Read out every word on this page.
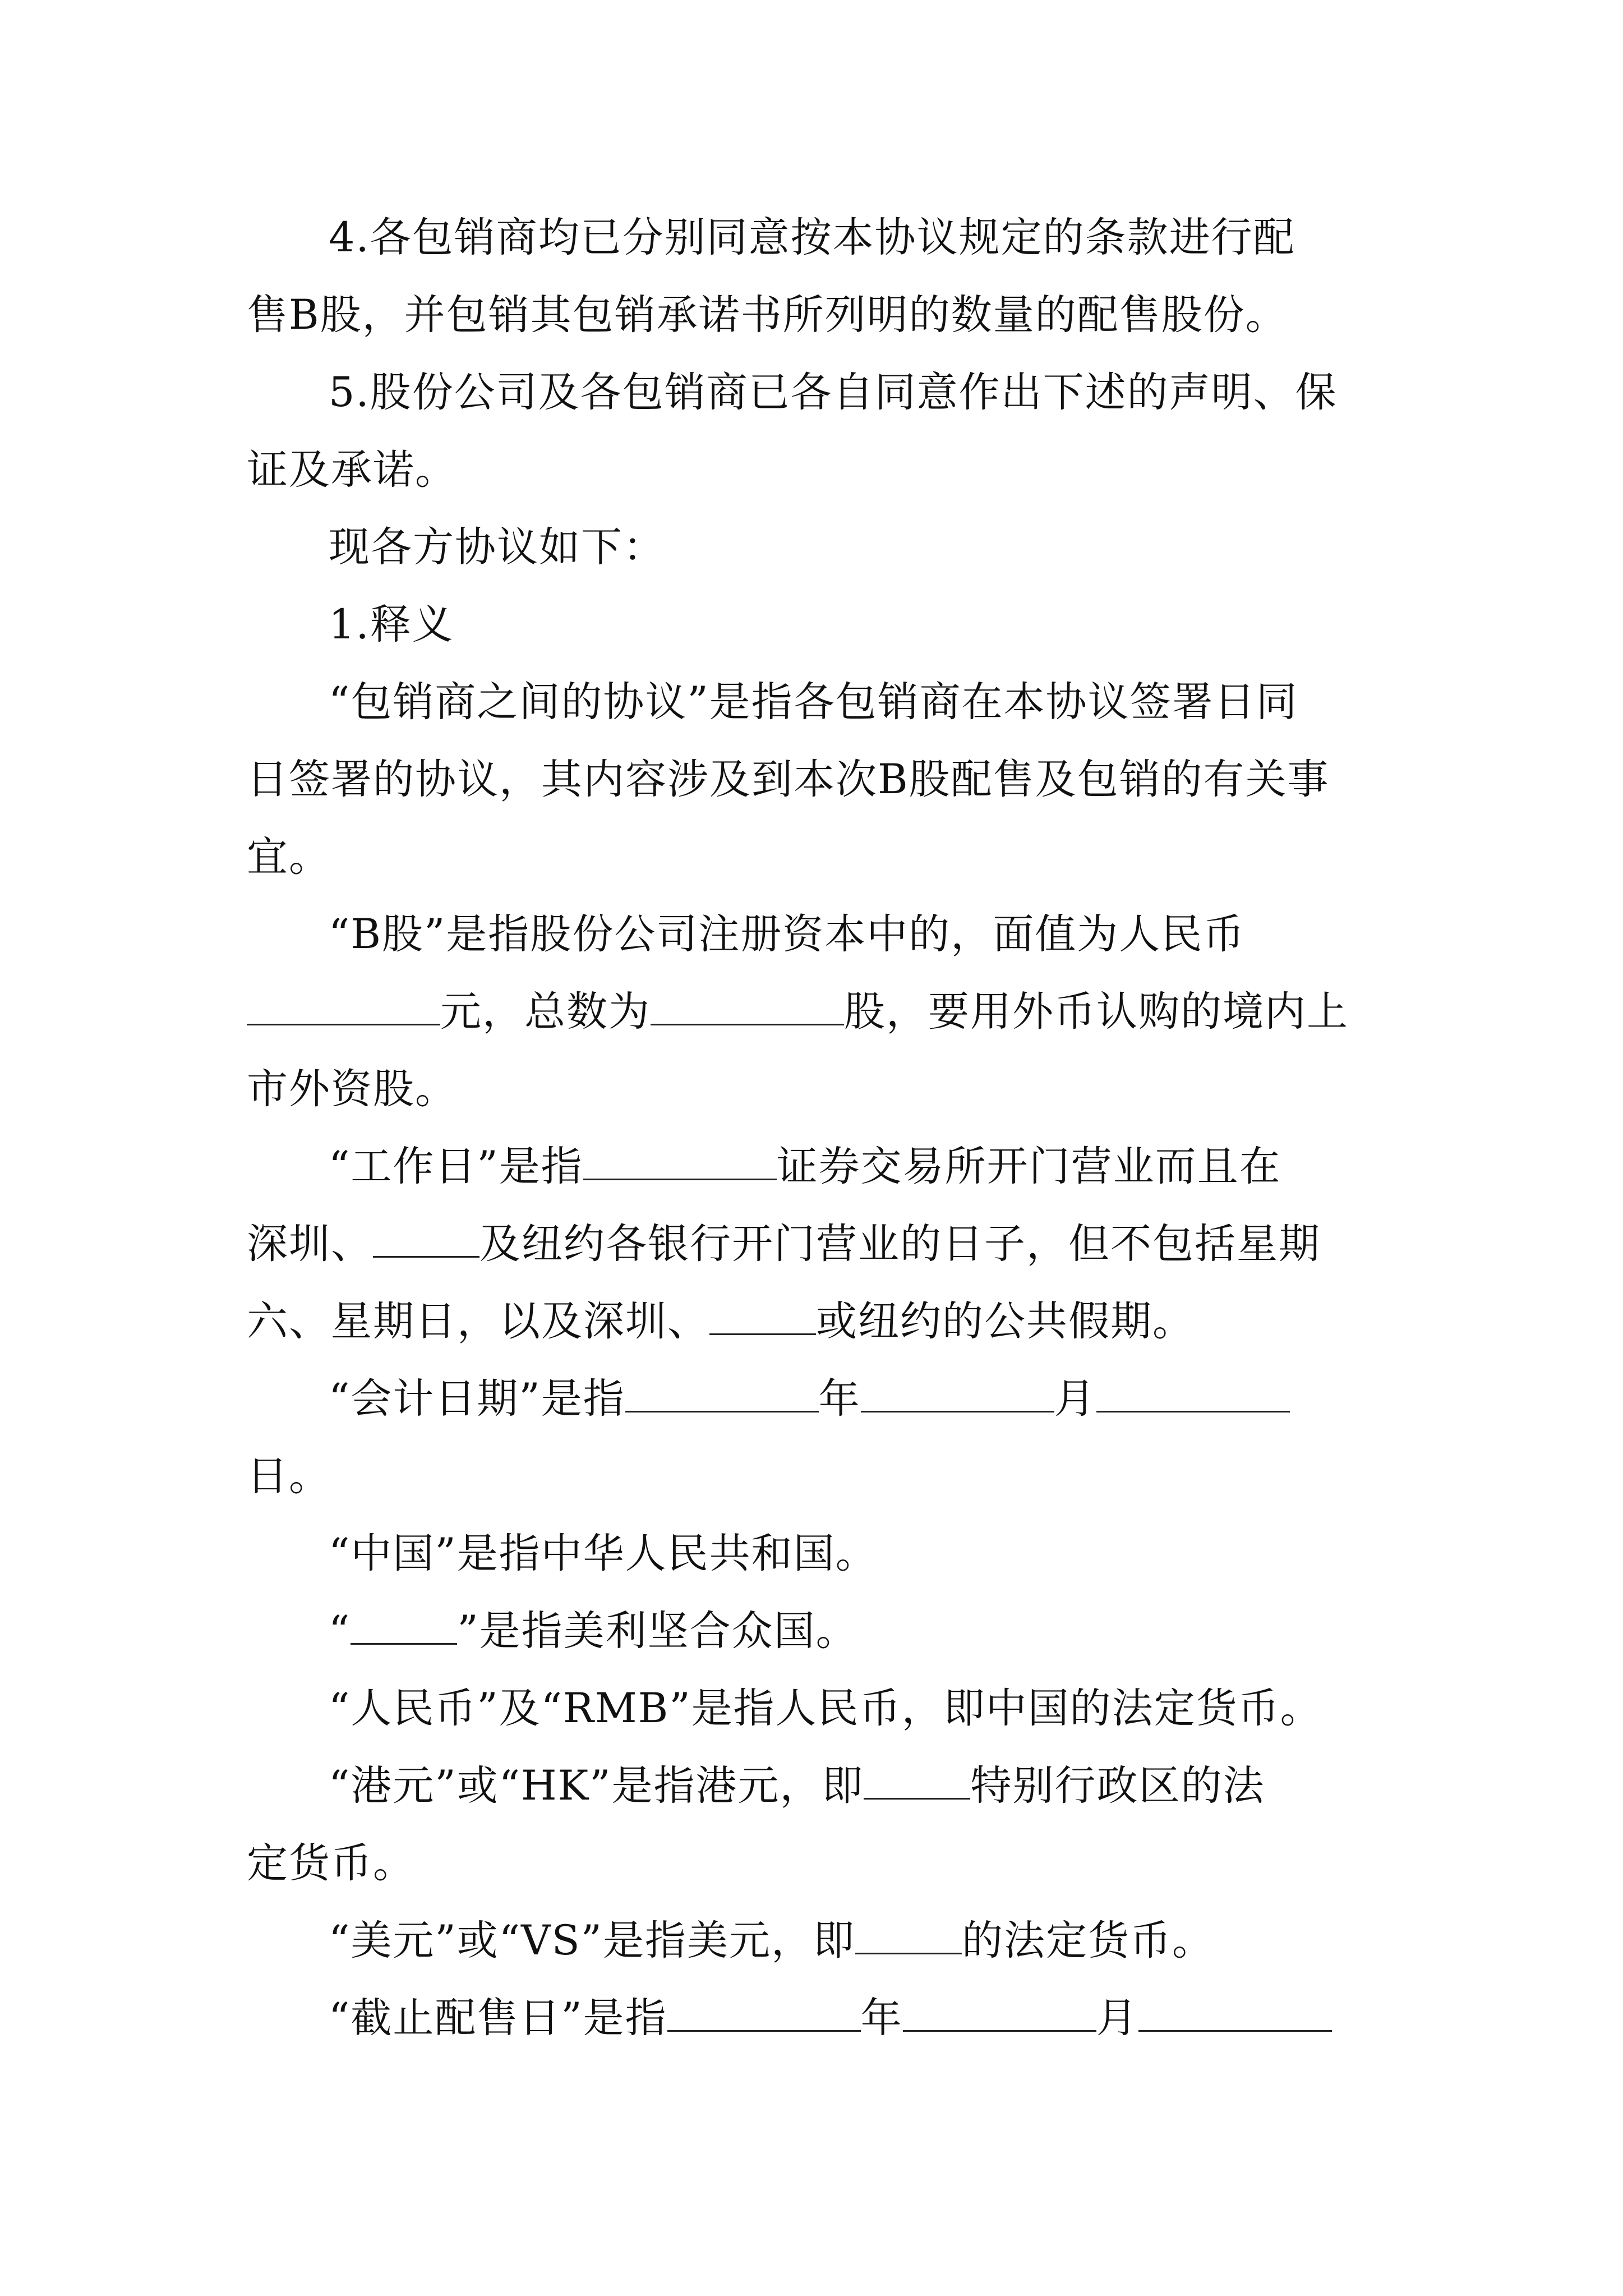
4.各包销商均已分别同意按本协议规定的条款进行配
售B股，并包销其包销承诺书所列明的数量的配售股份。

5.股份公司及各包销商已各自同意作出下述的声明、保
证及承诺。

现各方协议如下：

1.释义

“包销商之间的协议”是指各包销商在本协议签署日同
日签署的协议，其内容涉及到本次B股配售及包销的有关事
宜。

“B股”是指股份公司注册资本中的，面值为人民币
元，总数为	股，要用外币认购的境内上
市外资股。

“工作日”是指	证券交易所开门营业而且在
深圳、	及纽约各银行开门营业的日子，但不包括星期
六、星期日，以及深圳、	或纽约的公共假期。

“会计日期”是指	年	月
日。

“中国”是指中华人民共和国。

“	”是指美利坚合众国。

“人民币”及“RMB”是指人民币，即中国的法定货币。

“港元”或“HK”是指港元，即	特别行政区的法
定货币。

“美元”或“VS”是指美元，即	的法定货币。

“截止配售日”是指	年	月
